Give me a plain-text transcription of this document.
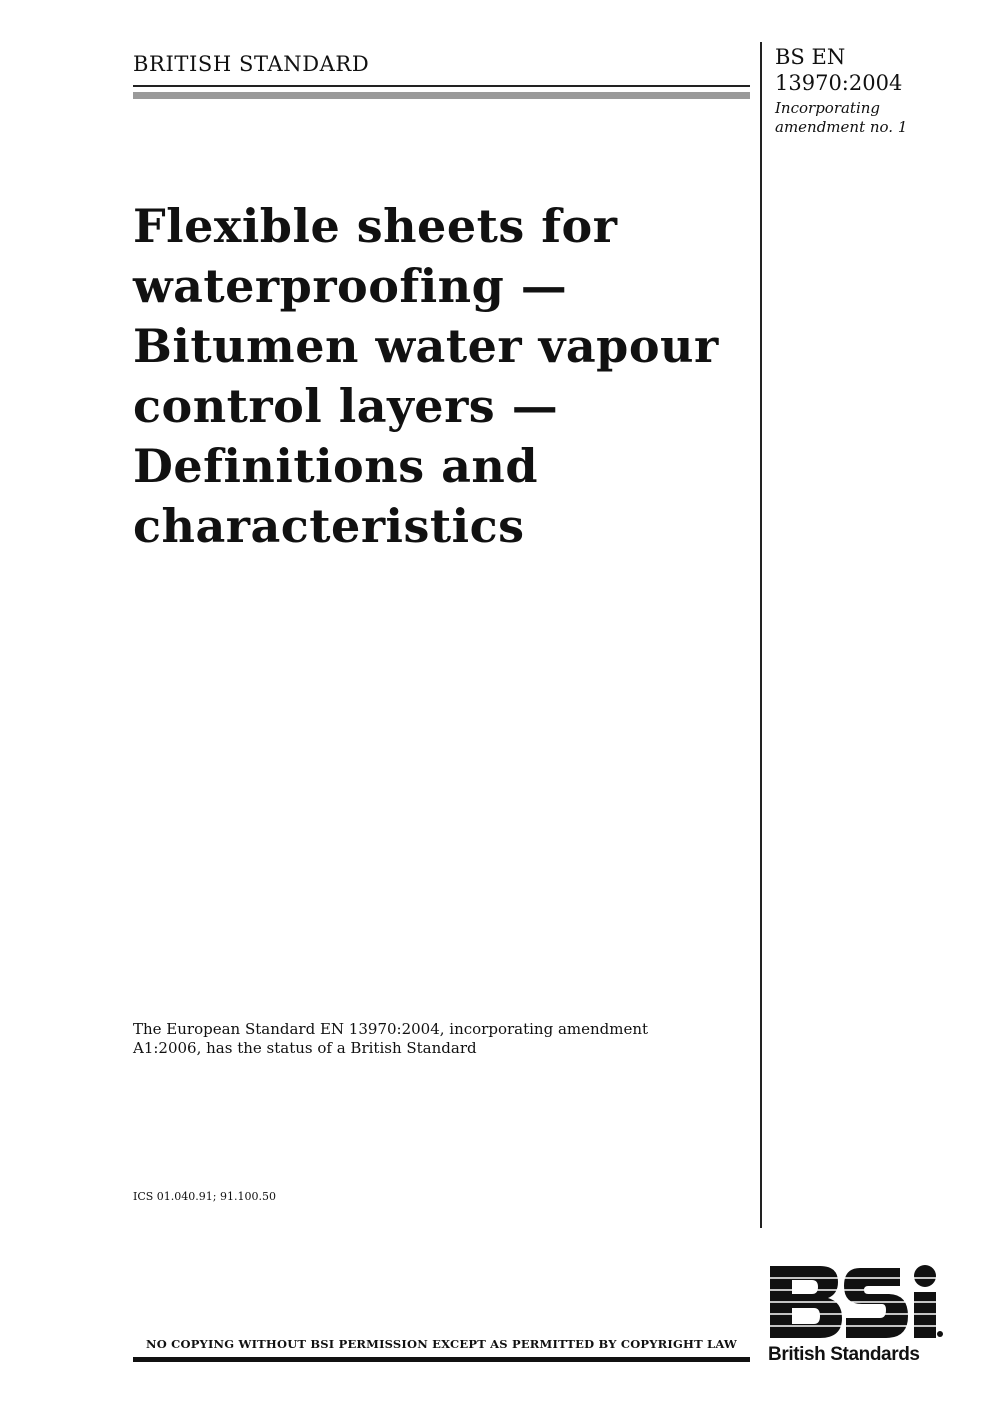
BRITISH STANDARD	BS EN
13970:2004
Incorporating
amendment no. 1
Flexible sheets for
waterproofing —
Bitumen water vapour
control layers —
Definitions and
characteristics
The European Standard EN 13970:2004, incorporating amendment
A1:2006, has the status of a British Standard
ICS 01.040.91; 91.100.50
NO COPYING WITHOUT BSI PERMISSION EXCEPT AS PERMITTED BY COPYRIGHT LAW	British Standards
